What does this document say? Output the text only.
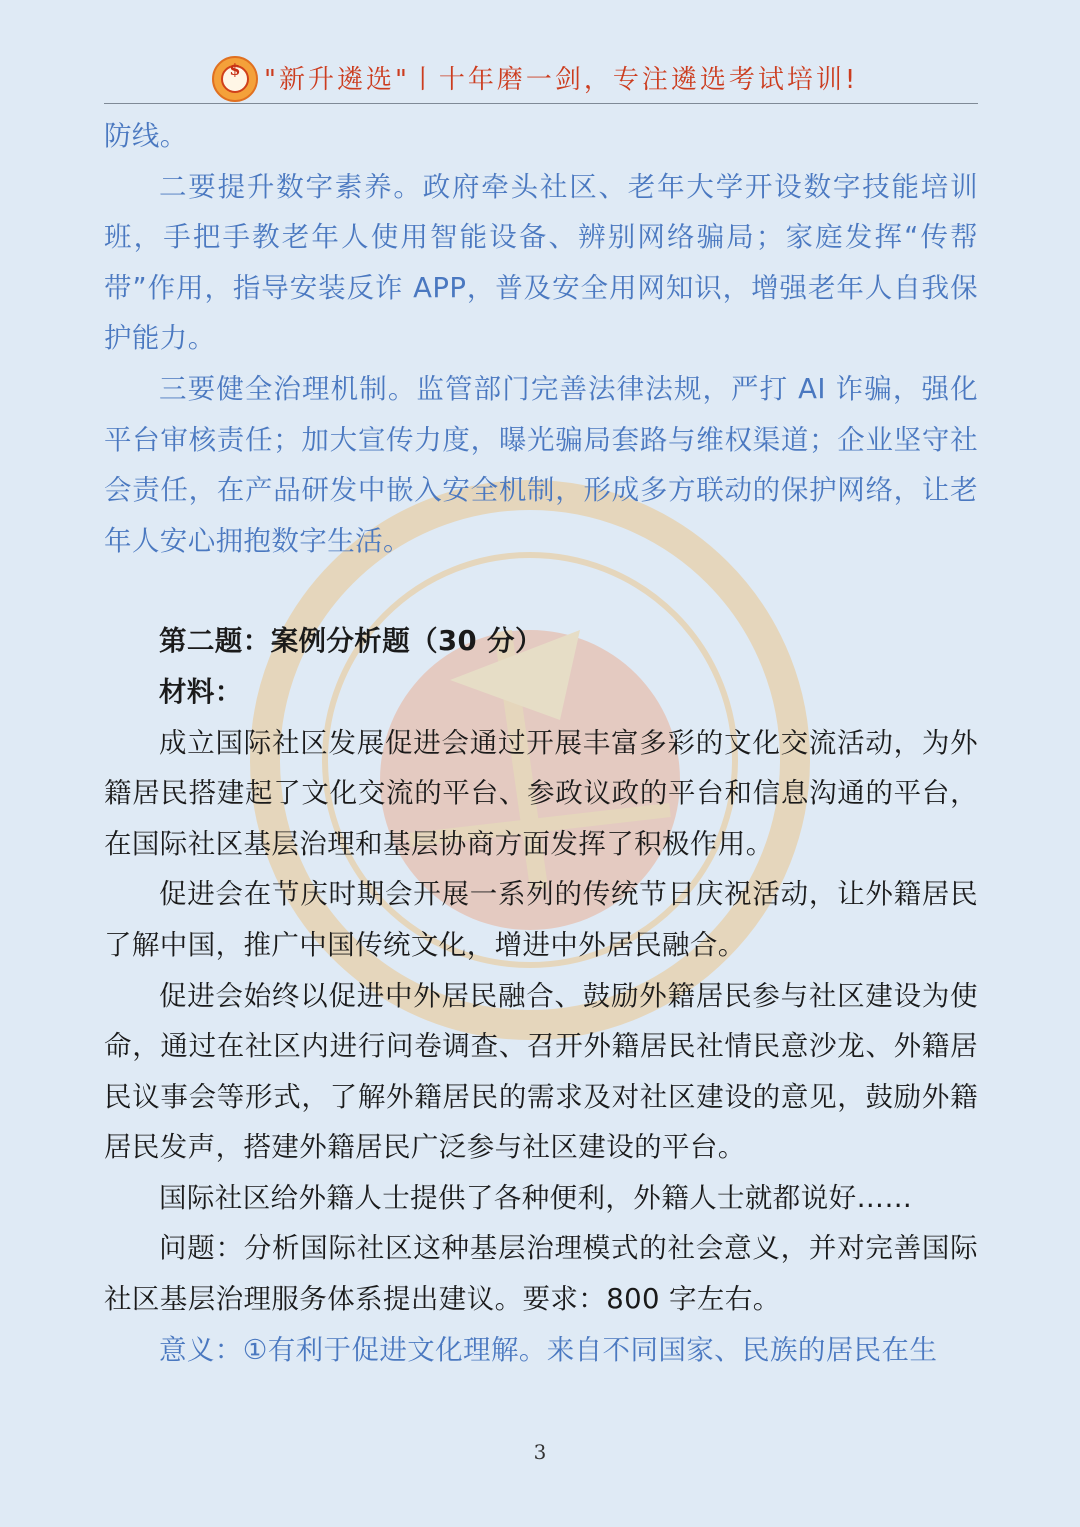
$ "新升遴选"丨十年磨一剑，专注遴选考试培训!

防线。

二要提升数字素养。政府牵头社区、老年大学开设数字技能培训班，手把手教老年人使用智能设备、辨别网络骗局；家庭发挥“传帮带”作用，指导安装反诈 APP，普及安全用网知识，增强老年人自我保护能力。

三要健全治理机制。监管部门完善法律法规，严打 AI 诈骗，强化平台审核责任；加大宣传力度，曝光骗局套路与维权渠道；企业坚守社会责任，在产品研发中嵌入安全机制，形成多方联动的保护网络，让老年人安心拥抱数字生活。

第二题：案例分析题（30 分）

材料：

成立国际社区发展促进会通过开展丰富多彩的文化交流活动，为外籍居民搭建起了文化交流的平台、参政议政的平台和信息沟通的平台，在国际社区基层治理和基层协商方面发挥了积极作用。

促进会在节庆时期会开展一系列的传统节日庆祝活动，让外籍居民了解中国，推广中国传统文化，增进中外居民融合。

促进会始终以促进中外居民融合、鼓励外籍居民参与社区建设为使命，通过在社区内进行问卷调查、召开外籍居民社情民意沙龙、外籍居民议事会等形式，了解外籍居民的需求及对社区建设的意见，鼓励外籍居民发声，搭建外籍居民广泛参与社区建设的平台。

国际社区给外籍人士提供了各种便利，外籍人士就都说好……

问题：分析国际社区这种基层治理模式的社会意义，并对完善国际社区基层治理服务体系提出建议。要求：800 字左右。

意义：①有利于促进文化理解。来自不同国家、民族的居民在生

3
